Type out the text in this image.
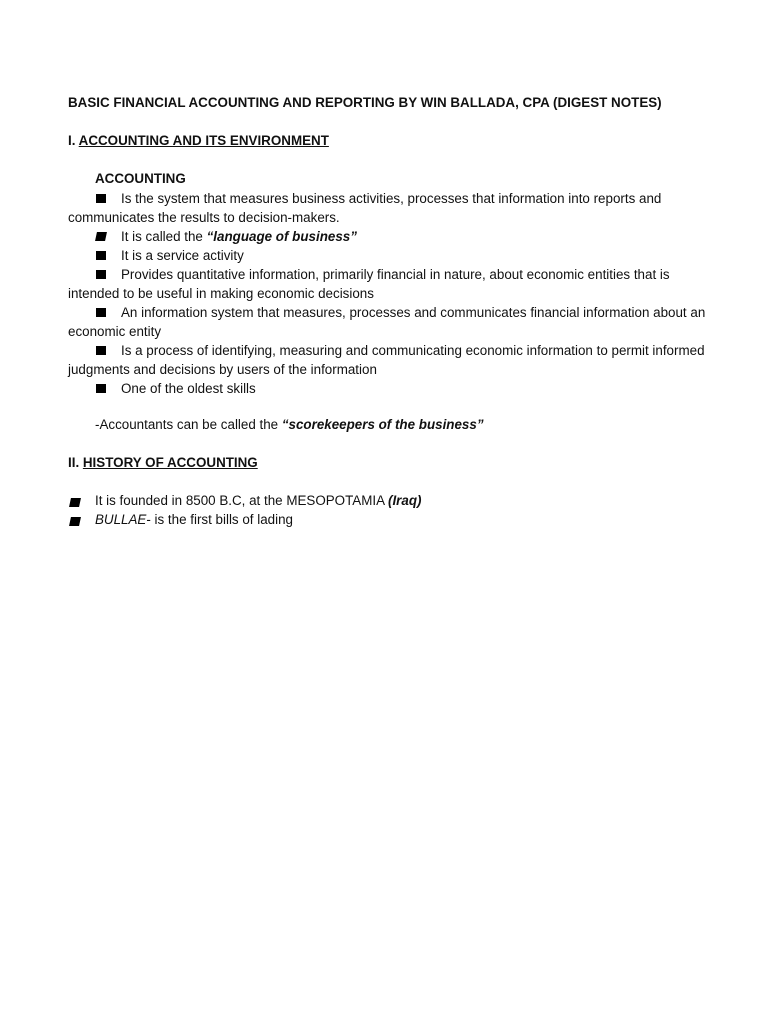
BASIC FINANCIAL ACCOUNTING AND REPORTING BY WIN BALLADA, CPA (DIGEST NOTES)
I. ACCOUNTING AND ITS ENVIRONMENT
ACCOUNTING
Is the system that measures business activities, processes that information into reports and communicates the results to decision-makers.
It is called the “language of business”
It is a service activity
Provides quantitative information, primarily financial in nature, about economic entities that is intended to be useful in making economic decisions
An information system that measures, processes and communicates financial information about an economic entity
Is a process of identifying, measuring and communicating economic information to permit informed judgments and decisions by users of the information
One of the oldest skills
-Accountants can be called the “scorekeepers of the business”
II. HISTORY OF ACCOUNTING
It is founded in 8500 B.C, at the MESOPOTAMIA (Iraq)
BULLAE- is the first bills of lading
